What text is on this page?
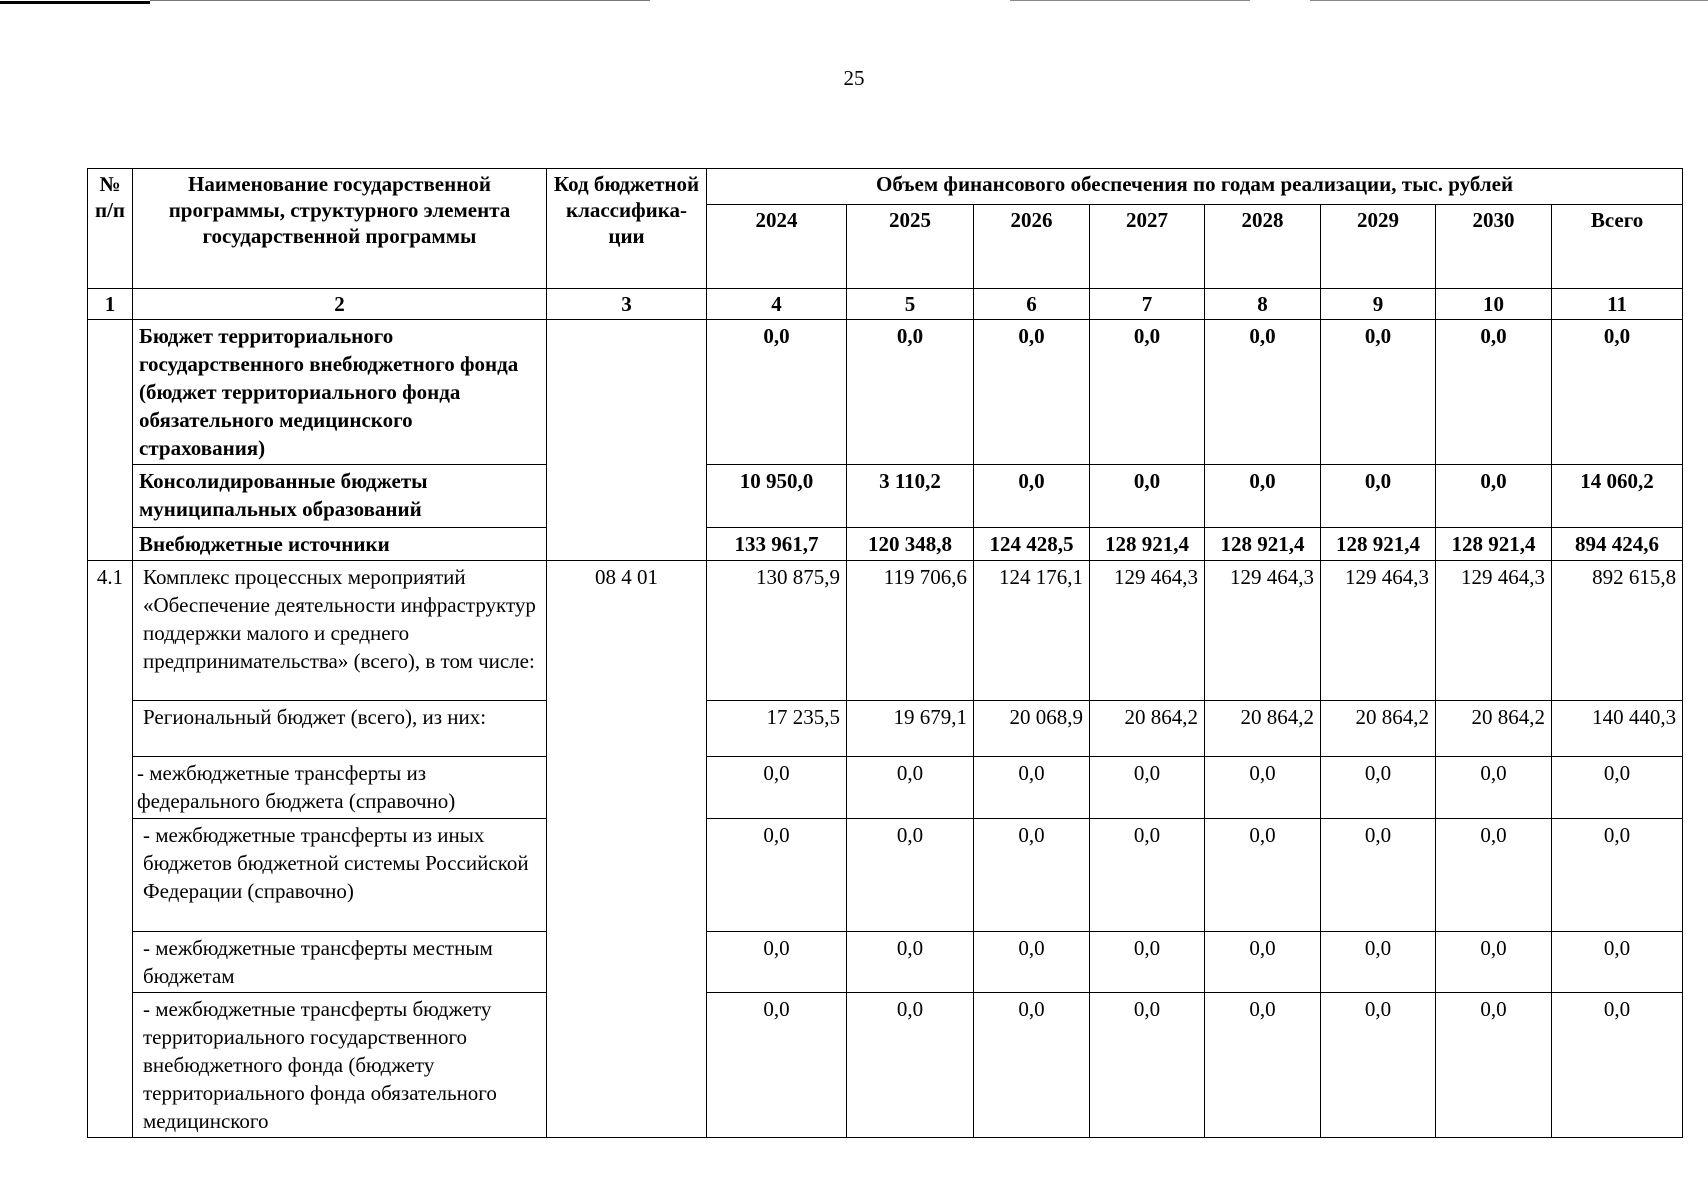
25
№ п/п	Наименование государственной программы, структурного элемента государственной программы	Код бюджетной классифика-ции	Объем финансового обеспечения по годам реализации, тыс. рублей							
			2024	2025	2026	2027	2028	2029	2030	Всего
1	2	3	4	5	6	7	8	9	10	11
	Бюджет территориального государственного внебюджетного фонда (бюджет территориального фонда обязательного медицинского страхования)		0,0	0,0	0,0	0,0	0,0	0,0	0,0	0,0
	Консолидированные бюджеты муниципальных образований		10 950,0	3 110,2	0,0	0,0	0,0	0,0	0,0	14 060,2
	Внебюджетные источники		133 961,7	120 348,8	124 428,5	128 921,4	128 921,4	128 921,4	128 921,4	894 424,6
4.1	Комплекс процессных мероприятий «Обеспечение деятельности инфраструктур поддержки малого и среднего предпринимательства» (всего), в том числе:	08 4 01	130 875,9	119 706,6	124 176,1	129 464,3	129 464,3	129 464,3	129 464,3	892 615,8
	Региональный бюджет (всего), из них:		17 235,5	19 679,1	20 068,9	20 864,2	20 864,2	20 864,2	20 864,2	140 440,3
	- межбюджетные трансферты из федерального бюджета (справочно)		0,0	0,0	0,0	0,0	0,0	0,0	0,0	0,0
	- межбюджетные трансферты из иных бюджетов бюджетной системы Российской Федерации (справочно)		0,0	0,0	0,0	0,0	0,0	0,0	0,0	0,0
	- межбюджетные трансферты местным бюджетам		0,0	0,0	0,0	0,0	0,0	0,0	0,0	0,0
	- межбюджетные трансферты бюджету территориального государственного внебюджетного фонда (бюджету территориального фонда обязательного медицинского		0,0	0,0	0,0	0,0	0,0	0,0	0,0	0,0
